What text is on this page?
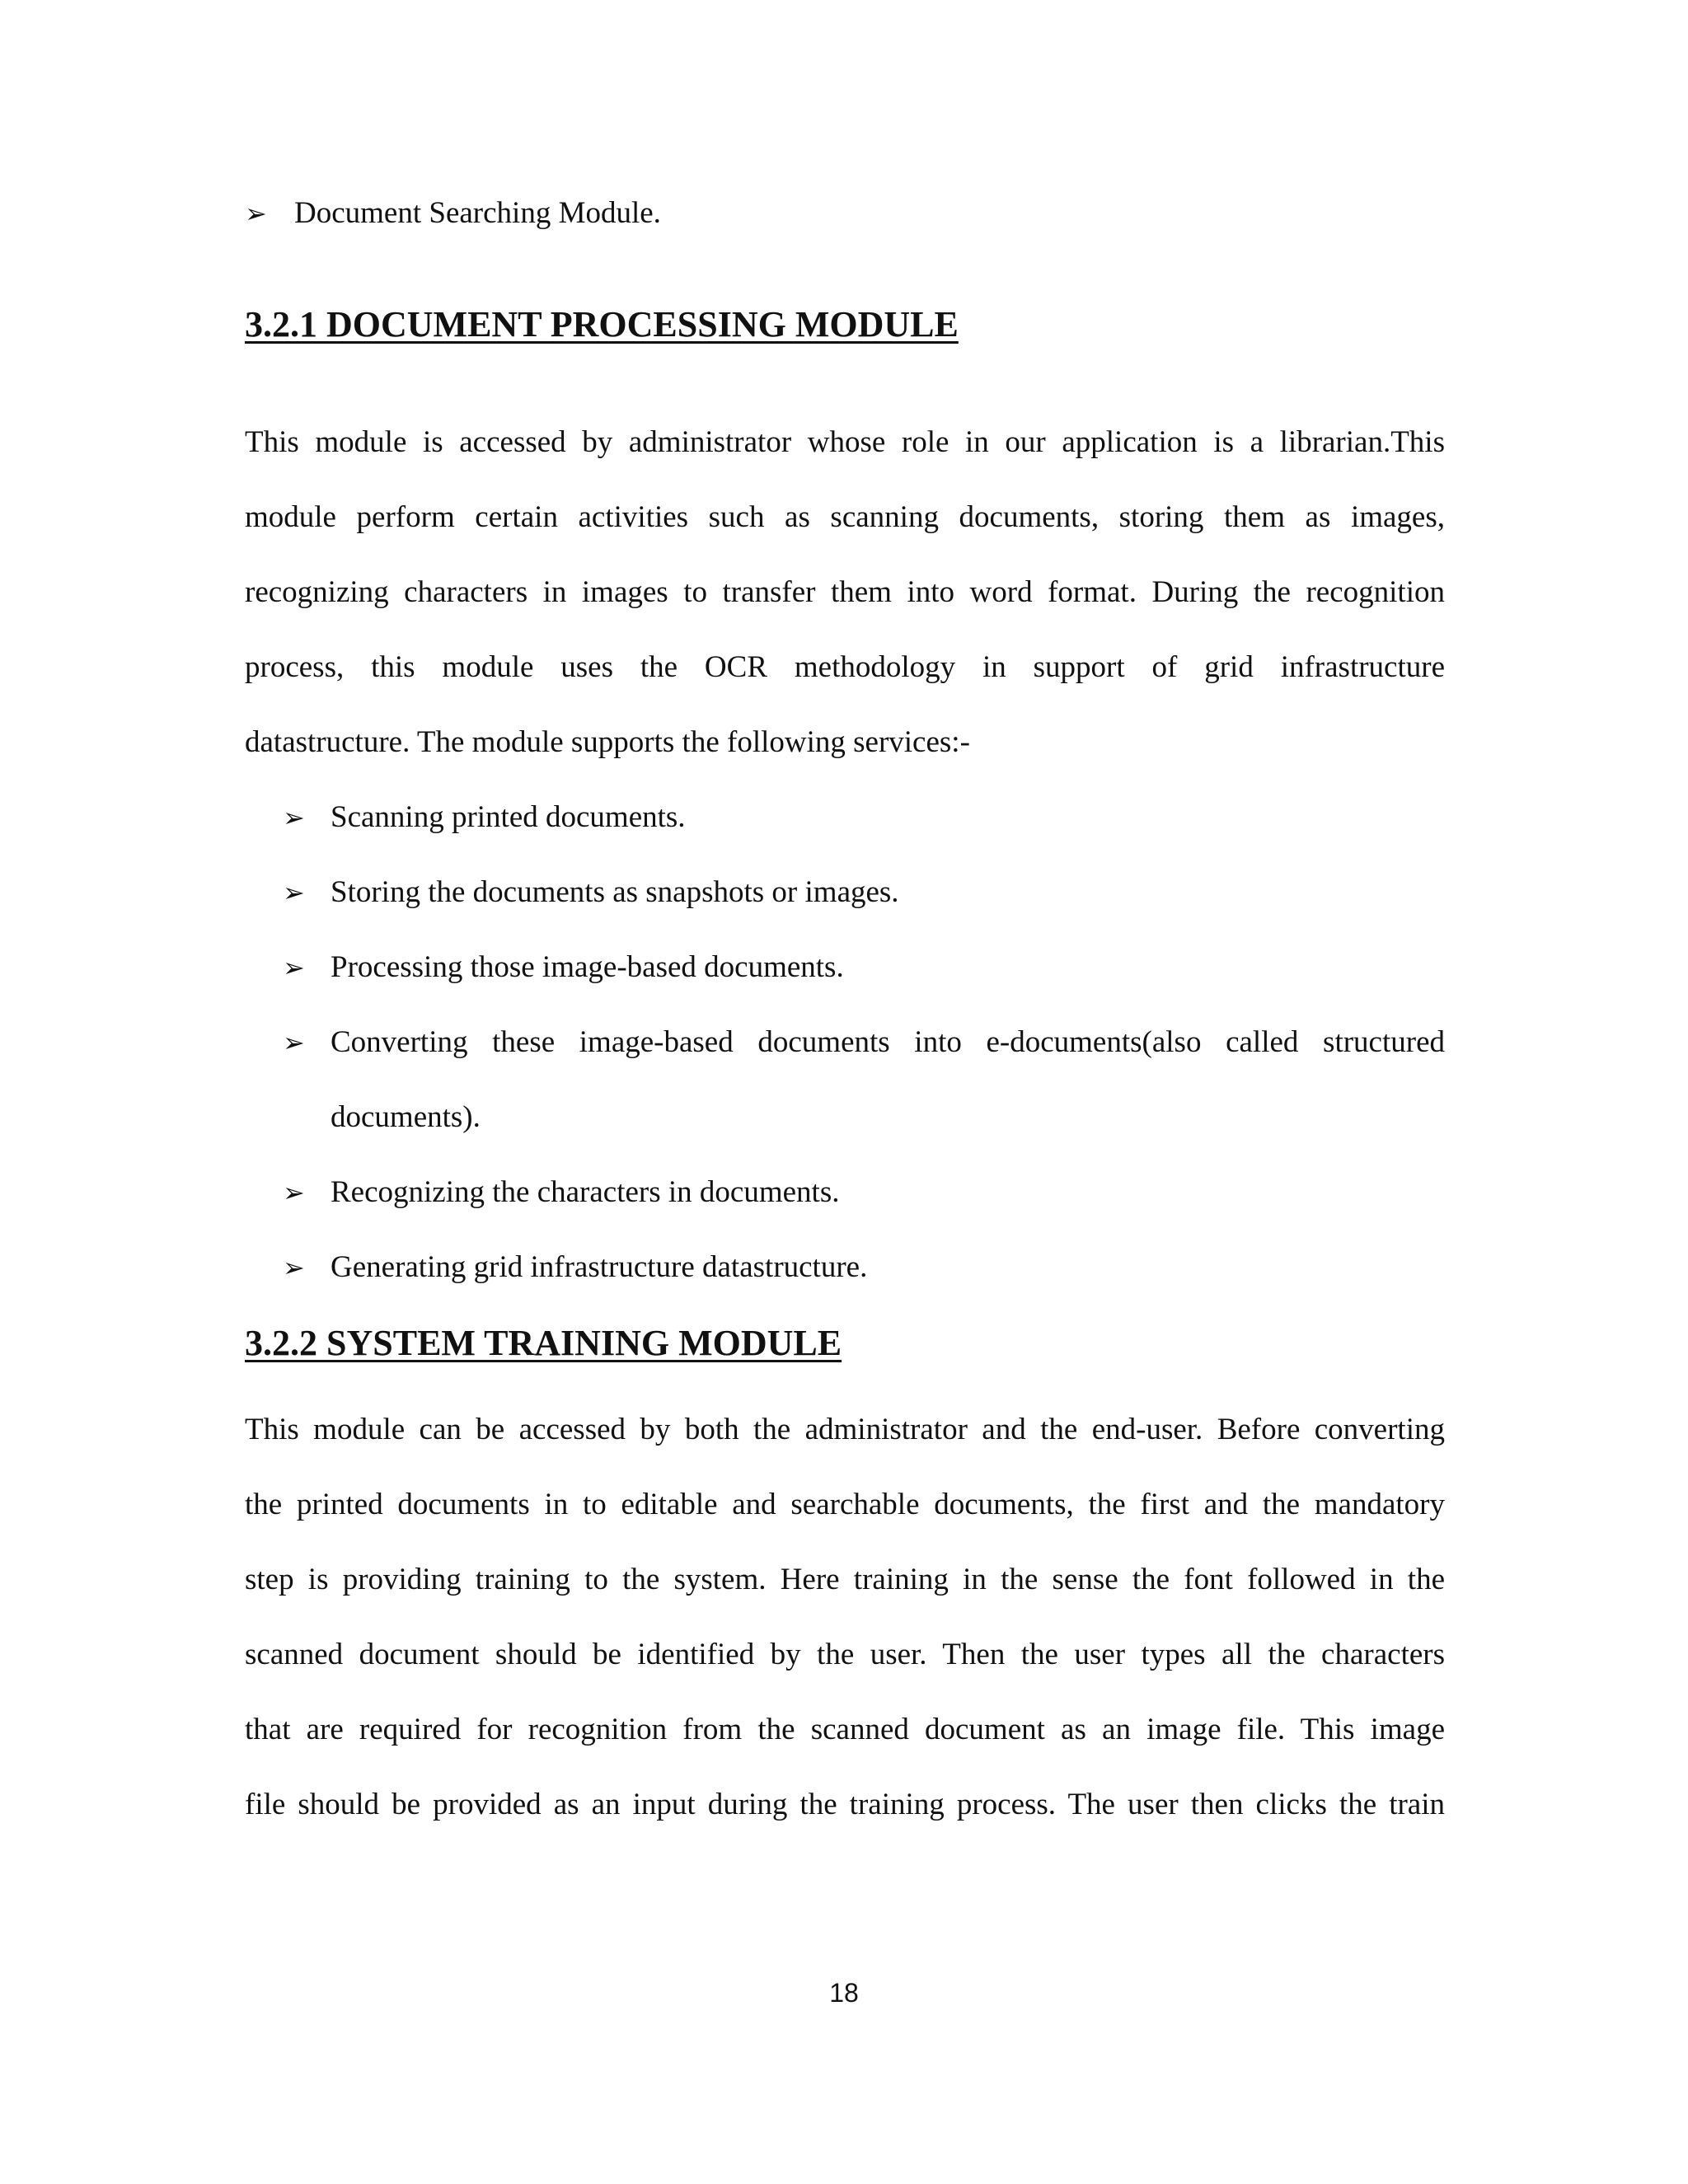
➢ Document Searching Module.
3.2.1 DOCUMENT PROCESSING MODULE
This module is accessed by administrator whose role in our application is a librarian.This
module perform certain activities such as scanning documents, storing them as images,
recognizing characters in images to transfer them into word format. During the recognition
process, this module uses the OCR methodology in support of grid infrastructure
datastructure. The module supports the following services:-
➢ Scanning printed documents.
➢ Storing the documents as snapshots or images.
➢ Processing those image-based documents.
➢ Converting these image-based documents into e-documents(also called structured
documents).
➢ Recognizing the characters in documents.
➢ Generating grid infrastructure datastructure.
3.2.2 SYSTEM TRAINING MODULE
This module can be accessed by both the administrator and the end-user. Before converting
the printed documents in to editable and searchable documents, the first and the mandatory
step is providing training to the system. Here training in the sense the font followed in the
scanned document should be identified by the user. Then the user types all the characters
that are required for recognition from the scanned document as an image file. This image
file should be provided as an input during the training process. The user then clicks the train
18
